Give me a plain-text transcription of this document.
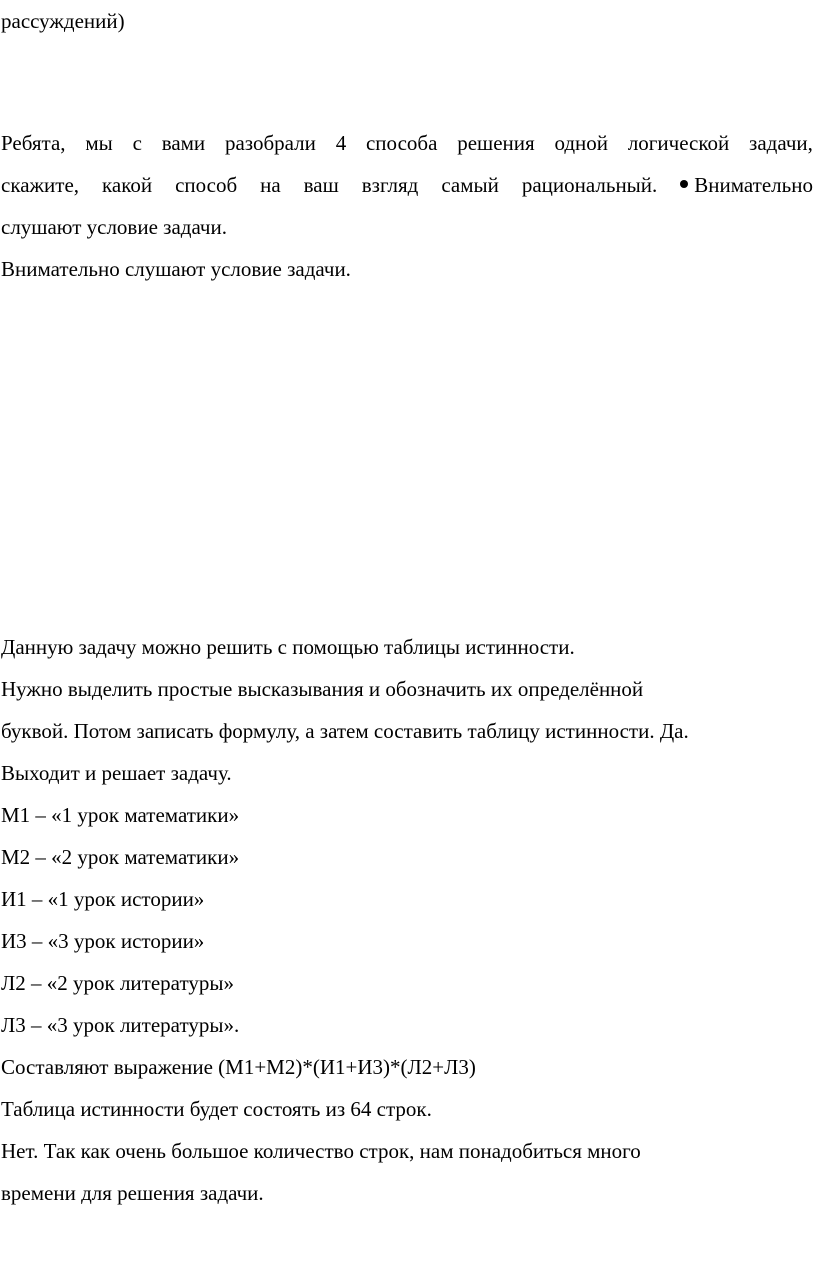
рассуждений)
Ребята, мы с вами разобрали 4 способа решения одной логической задачи,
скажите, какой способ на ваш взгляд самый рациональный.	Внимательно
слушают условие задачи.
Внимательно слушают условие задачи.
Данную задачу можно решить с помощью таблицы истинности.
Нужно выделить простые высказывания и обозначить их определённой
буквой. Потом записать формулу, а затем составить таблицу истинности. Да.
Выходит и решает задачу.
М1 – «1 урок математики»
М2 – «2 урок математики»
И1 – «1 урок истории»
И3 – «3 урок истории»
Л2 – «2 урок литературы»
Л3 – «3 урок литературы».
Составляют выражение (М1+М2)*(И1+И3)*(Л2+Л3)
Таблица истинности будет состоять из 64 строк.
Нет. Так как очень большое количество строк, нам понадобиться много
времени для решения задачи.
